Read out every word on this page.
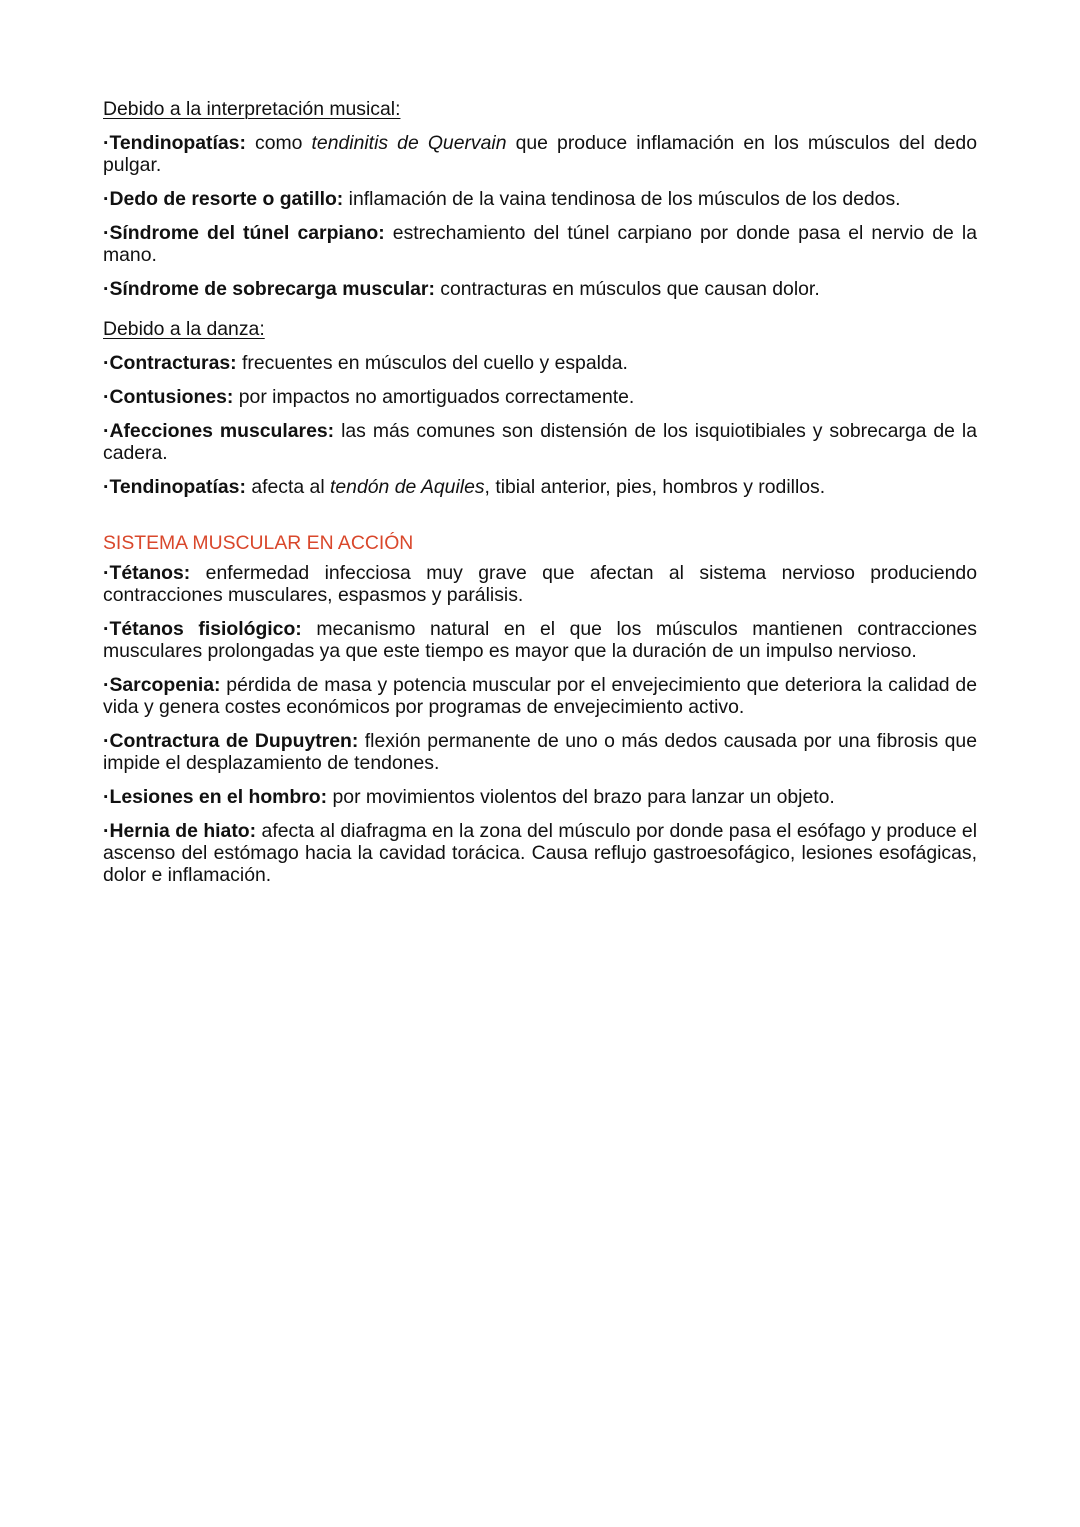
Debido a la interpretación musical:

· Tendinopatías: como tendinitis de Quervain que produce inflamación en los músculos del dedo pulgar.

· Dedo de resorte o gatillo: inflamación de la vaina tendinosa de los músculos de los dedos.

· Síndrome del túnel carpiano: estrechamiento del túnel carpiano por donde pasa el nervio de la mano.

· Síndrome de sobrecarga muscular: contracturas en músculos que causan dolor.

Debido a la danza:

· Contracturas: frecuentes en músculos del cuello y espalda.

· Contusiones: por impactos no amortiguados correctamente.

· Afecciones musculares: las más comunes son distensión de los isquiotibiales y sobrecarga de la cadera.

· Tendinopatías: afecta al tendón de Aquiles, tibial anterior, pies, hombros y rodillos.

SISTEMA MUSCULAR EN ACCIÓN

· Tétanos: enfermedad infecciosa muy grave que afectan al sistema nervioso produciendo contracciones musculares, espasmos y parálisis.

· Tétanos fisiológico: mecanismo natural en el que los músculos mantienen contracciones musculares prolongadas ya que este tiempo es mayor que la duración de un impulso nervioso.

· Sarcopenia: pérdida de masa y potencia muscular por el envejecimiento que deteriora la calidad de vida y genera costes económicos por programas de envejecimiento activo.

· Contractura de Dupuytren: flexión permanente de uno o más dedos causada por una fibrosis que impide el desplazamiento de tendones.

· Lesiones en el hombro: por movimientos violentos del brazo para lanzar un objeto.

· Hernia de hiato: afecta al diafragma en la zona del músculo por donde pasa el esófago y produce el ascenso del estómago hacia la cavidad torácica. Causa reflujo gastroesofágico, lesiones esofágicas, dolor e inflamación.
